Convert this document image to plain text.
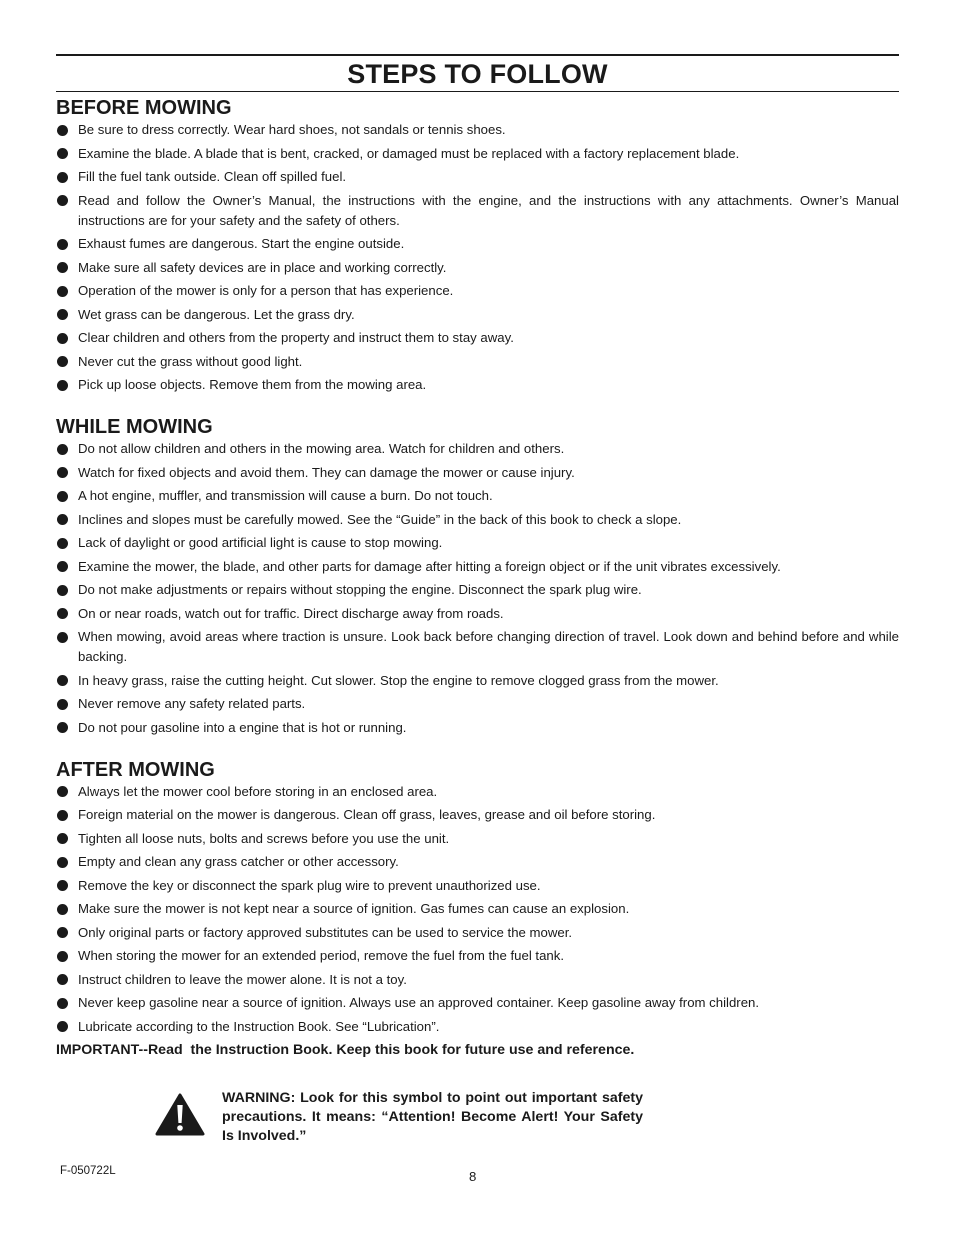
STEPS TO FOLLOW
BEFORE MOWING
Be sure to dress correctly. Wear hard shoes, not sandals or tennis shoes.
Examine the blade. A blade that is bent, cracked, or damaged must be replaced with a factory replacement blade.
Fill the fuel tank outside. Clean off spilled fuel.
Read and follow the Owner’s Manual, the instructions with the engine, and the instructions with any attachments. Owner’s Manual instructions are for your safety and the safety of others.
Exhaust fumes are dangerous. Start the engine outside.
Make sure all safety devices are in place and working correctly.
Operation of the mower is only for a person that has experience.
Wet grass can be dangerous. Let the grass dry.
Clear children and others from the property and instruct them to stay away.
Never cut the grass without good light.
Pick up loose objects. Remove them from the mowing area.
WHILE MOWING
Do not allow children and others in the mowing area. Watch for children and others.
Watch for fixed objects and avoid them. They can damage the mower or cause injury.
A hot engine, muffler, and transmission will cause a burn. Do not touch.
Inclines and slopes must be carefully mowed. See the “Guide” in the back of this book to check a slope.
Lack of daylight or good artificial light is cause to stop mowing.
Examine the mower, the blade, and other parts for damage after hitting a foreign object or if the unit vibrates excessively.
Do not make adjustments or repairs without stopping the engine. Disconnect the spark plug wire.
On or near roads, watch out for traffic. Direct discharge away from roads.
When mowing, avoid areas where traction is unsure. Look back before changing direction of travel. Look down and behind before and while backing.
In heavy grass, raise the cutting height. Cut slower. Stop the engine to remove clogged grass from the mower.
Never remove any safety related parts.
Do not pour gasoline into a engine that is hot or running.
AFTER MOWING
Always let the mower cool before storing in an enclosed area.
Foreign material on the mower is dangerous. Clean off grass, leaves, grease and oil before storing.
Tighten all loose nuts, bolts and screws before you use the unit.
Empty and clean any grass catcher or other accessory.
Remove the key or disconnect the spark plug wire to prevent unauthorized use.
Make sure the mower is not kept near a source of ignition. Gas fumes can cause an explosion.
Only original parts or factory approved substitutes can be used to service the mower.
When storing the mower for an extended period, remove the fuel from the fuel tank.
Instruct children to leave the mower alone. It is not a toy.
Never keep gasoline near a source of ignition. Always use an approved container. Keep gasoline away from children.
Lubricate according to the Instruction Book. See “Lubrication”.
IMPORTANT--Read  the Instruction Book. Keep this book for future use and reference.
WARNING: Look for this symbol to point out important safety precautions. It means: “Attention! Become Alert! Your Safety Is Involved.”
F-050722L	8
